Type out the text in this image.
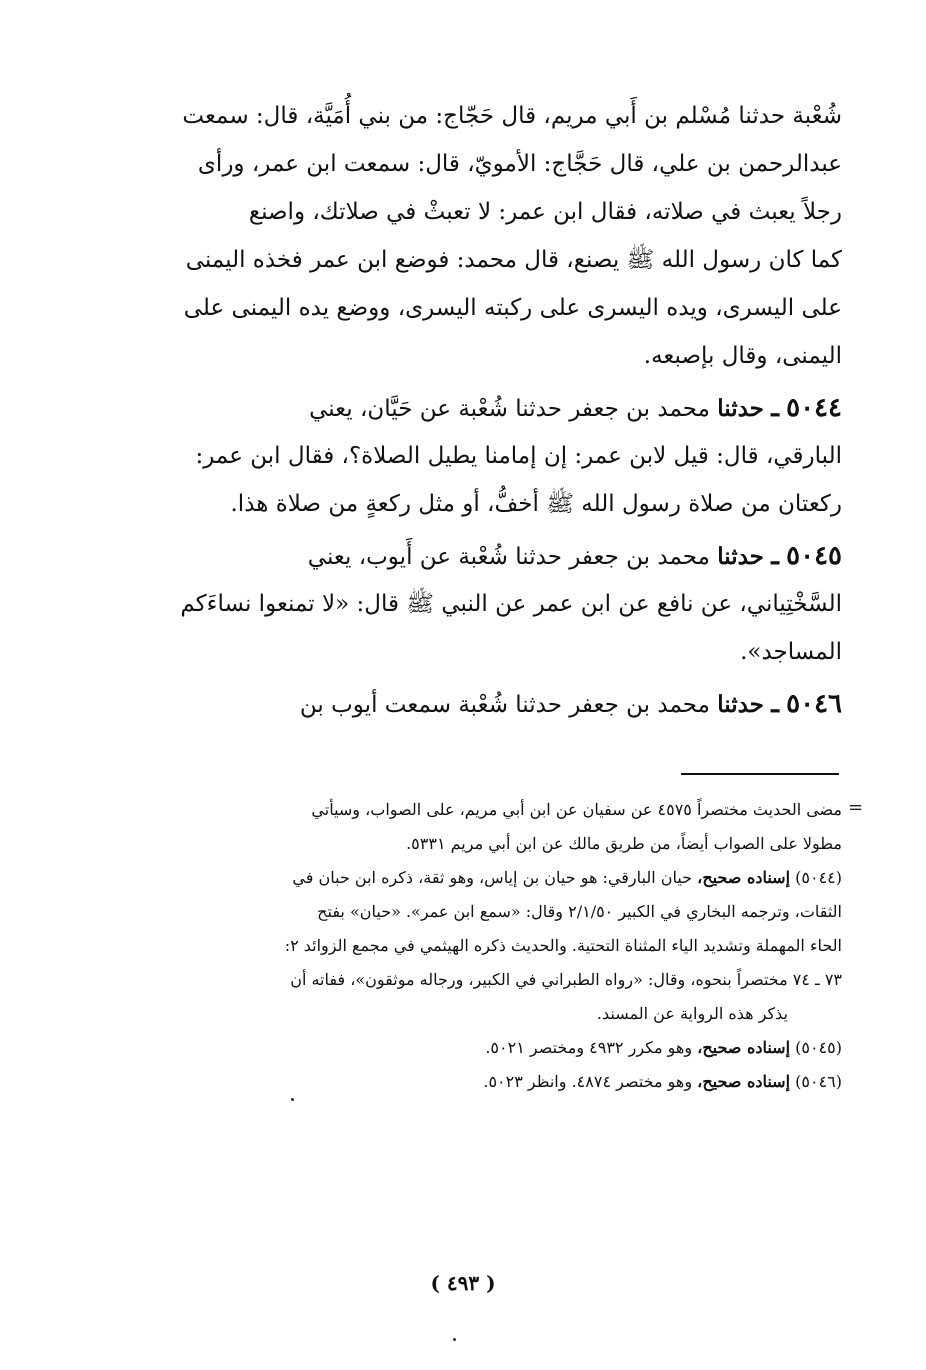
شُعْبة حدثنا مُسْلم بن أَبي مريم، قال حَجّاج: من بني أُمَيَّة، قال: سمعت
عبدالرحمن بن علي، قال حَجَّاج: الأمويّ، قال: سمعت ابن عمر، ورأى
رجلاً يعبث في صلاته، فقال ابن عمر: لا تعبثْ في صلاتك، واصنع
كما كان رسول الله ﷺ يصنع، قال محمد: فوضع ابن عمر فخذه اليمنى
على اليسرى، ويده اليسرى على ركبته اليسرى، ووضع يده اليمنى على
اليمنى، وقال بإصبعه.
٥٠٤٤ ـ حدثنا محمد بن جعفر حدثنا شُعْبة عن حَيَّان، يعني
البارقي، قال: قيل لابن عمر: إن إمامنا يطيل الصلاة؟، فقال ابن عمر:
ركعتان من صلاة رسول الله ﷺ أخفُّ، أو مثل ركعةٍ من صلاة هذا.
٥٠٤٥ ـ حدثنا محمد بن جعفر حدثنا شُعْبة عن أَيوب، يعني
السَّخْتِياني، عن نافع عن ابن عمر عن النبي ﷺ قال: «لا تمنعوا نساءَكم
المساجد».
٥٠٤٦ ـ حدثنا محمد بن جعفر حدثنا شُعْبة سمعت أيوب بن
=
مضى الحديث مختصراً ٤٥٧٥ عن سفيان عن ابن أبي مريم، على الصواب، وسيأتي
مطولا على الصواب أيضاً، من طريق مالك عن ابن أبي مريم ٥٣٣١.
(٥٠٤٤) إسناده صحيح، حيان البارقي: هو حيان بن إياس، وهو ثقة، ذكره ابن حبان في
الثقات، وترجمه البخاري في الكبير ٢/١/٥٠ وقال: «سمع ابن عمر». «حيان» بفتح
الحاء المهملة وتشديد الياء المثناة التحتية. والحديث ذكره الهيثمي في مجمع الزوائد ٢:
٧٣ ـ ٧٤ مختصراً بنحوه، وقال: «رواه الطبراني في الكبير، ورجاله موثقون»، ففاته أن
يذكر هذه الرواية عن المسند.
(٥٠٤٥) إسناده صحيح، وهو مكرر ٤٩٣٢ ومختصر ٥٠٢١.
(٥٠٤٦) إسناده صحيح، وهو مختصر ٤٨٧٤. وانظر ٥٠٢٣.
( ٤٩٣ )
